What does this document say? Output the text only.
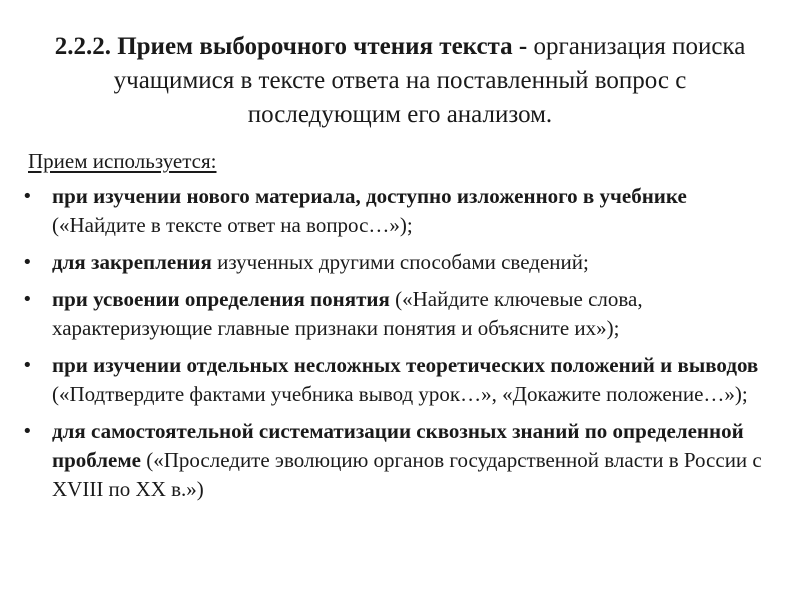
2.2.2. Прием выборочного чтения текста - организация поиска учащимися в тексте ответа на поставленный вопрос с последующим его анализом.
Прием используется:
• при изучении нового материала, доступно изложенного в учебнике («Найдите в тексте ответ на вопрос…»);
• для закрепления изученных другими способами сведений;
• при усвоении определения понятия («Найдите ключевые слова, характеризующие главные признаки понятия и объясните их»);
• при изучении отдельных несложных теоретических положений и выводов («Подтвердите фактами учебника вывод урок…», «Докажите положение…»);
• для самостоятельной систематизации сквозных знаний по определенной проблеме («Проследите эволюцию органов государственной власти в России с XVIII по XX в.»)
